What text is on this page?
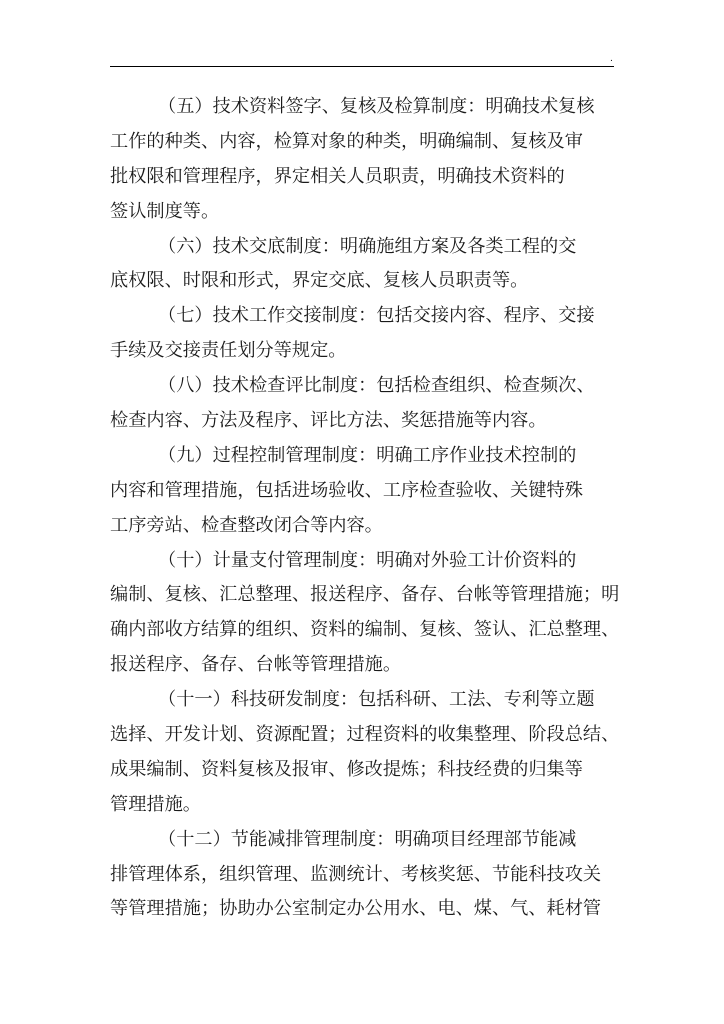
.
（五）技术资料签字、复核及检算制度：明确技术复核
工作的种类、内容，检算对象的种类，明确编制、复核及审
批权限和管理程序，界定相关人员职责，明确技术资料的
签认制度等。
（六）技术交底制度：明确施组方案及各类工程的交
底权限、时限和形式，界定交底、复核人员职责等。
（七）技术工作交接制度：包括交接内容、程序、交接
手续及交接责任划分等规定。
（八）技术检查评比制度：包括检查组织、检查频次、
检查内容、方法及程序、评比方法、奖惩措施等内容。
（九）过程控制管理制度：明确工序作业技术控制的
内容和管理措施，包括进场验收、工序检查验收、关键特殊
工序旁站、检查整改闭合等内容。
（十）计量支付管理制度：明确对外验工计价资料的
编制、复核、汇总整理、报送程序、备存、台帐等管理措施；明
确内部收方结算的组织、资料的编制、复核、签认、汇总整理、
报送程序、备存、台帐等管理措施。
（十一）科技研发制度：包括科研、工法、专利等立题
选择、开发计划、资源配置；过程资料的收集整理、阶段总结、
成果编制、资料复核及报审、修改提炼；科技经费的归集等
管理措施。
（十二）节能减排管理制度：明确项目经理部节能减
排管理体系，组织管理、监测统计、考核奖惩、节能科技攻关
等管理措施；协助办公室制定办公用水、电、煤、气、耗材管
